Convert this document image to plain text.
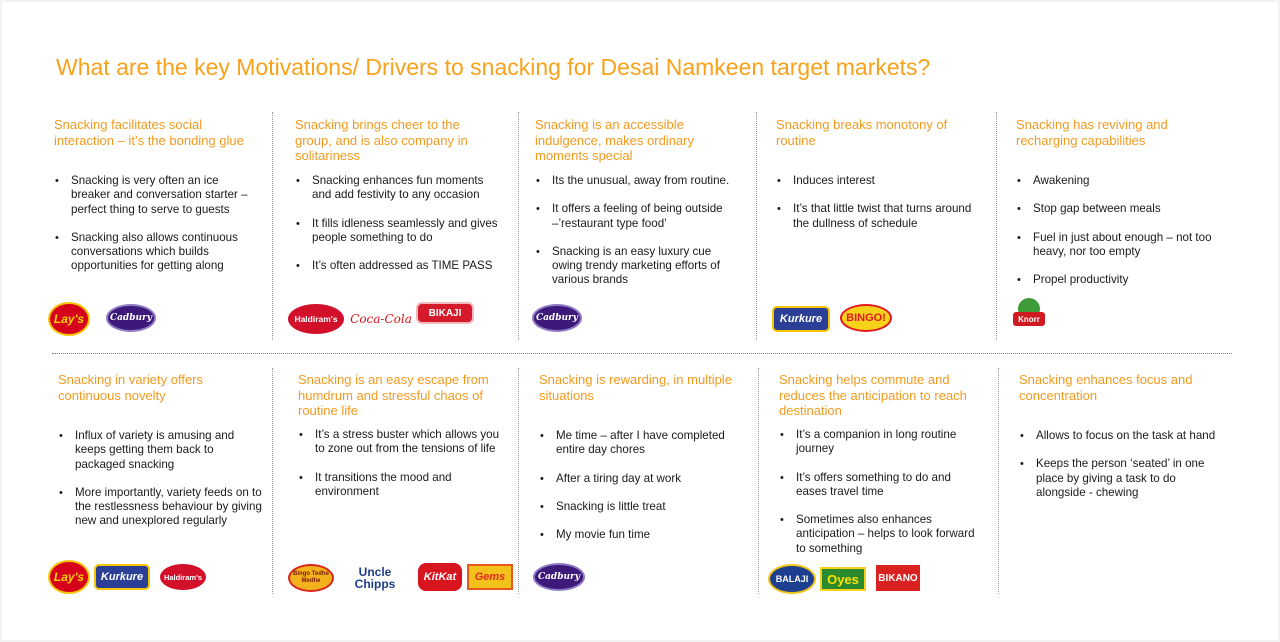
What are the key Motivations/ Drivers to snacking for Desai Namkeen target markets?
Snacking facilitates social interaction – it’s the bonding glue
• Snacking is very often an ice breaker and conversation starter – perfect thing to serve to guests
• Snacking also allows continuous conversations which builds opportunities for getting along
Snacking brings cheer to the group, and is also company in solitariness
• Snacking enhances fun moments and add festivity to any occasion
• It fills idleness seamlessly and gives people something to do
• It’s often addressed as TIME PASS
Snacking is an accessible indulgence, makes ordinary moments special
• Its the unusual, away from routine.
• It offers a feeling of being outside –’restaurant type food’
• Snacking is an easy luxury cue owing trendy marketing efforts of various brands
Snacking breaks monotony of routine
• Induces interest
• It’s that little twist that turns around the dullness of schedule
Snacking has reviving and recharging capabilities
• Awakening
• Stop gap between meals
• Fuel in just about enough – not too heavy, nor too empty
• Propel productivity
Snacking in variety offers continuous novelty
• Influx of variety is amusing and keeps getting them back to packaged snacking
• More importantly, variety feeds on to the restlessness behaviour by giving new and unexplored regularly
Snacking is an easy escape from humdrum and stressful chaos of routine life
• It’s a stress buster which allows you to zone out from the tensions of life
• It transitions the mood and environment
Snacking is rewarding, in multiple situations
• Me time – after I have completed entire day chores
• After a tiring day at work
• Snacking is little treat
• My movie fun time
Snacking helps commute and reduces the anticipation to reach destination
• It’s a companion in long routine journey
• It’s offers something to do and eases travel time
• Sometimes also enhances anticipation – helps to look forward to something
Snacking enhances focus and concentration
• Allows to focus on the task at hand
• Keeps the person ‘seated’ in one place by giving a task to do alongside - chewing
Lay's	Cadbury	Haldiram's Coca-Cola BIKAJI	Cadbury	Kurkure BINGO!	Knorr
Lay's Kurkure	Haldiram's	Bingo Tedhe Medhe
Uncle Chipps	KitKat Gems	Cadbury	BALAJI Oyes BIKANO
